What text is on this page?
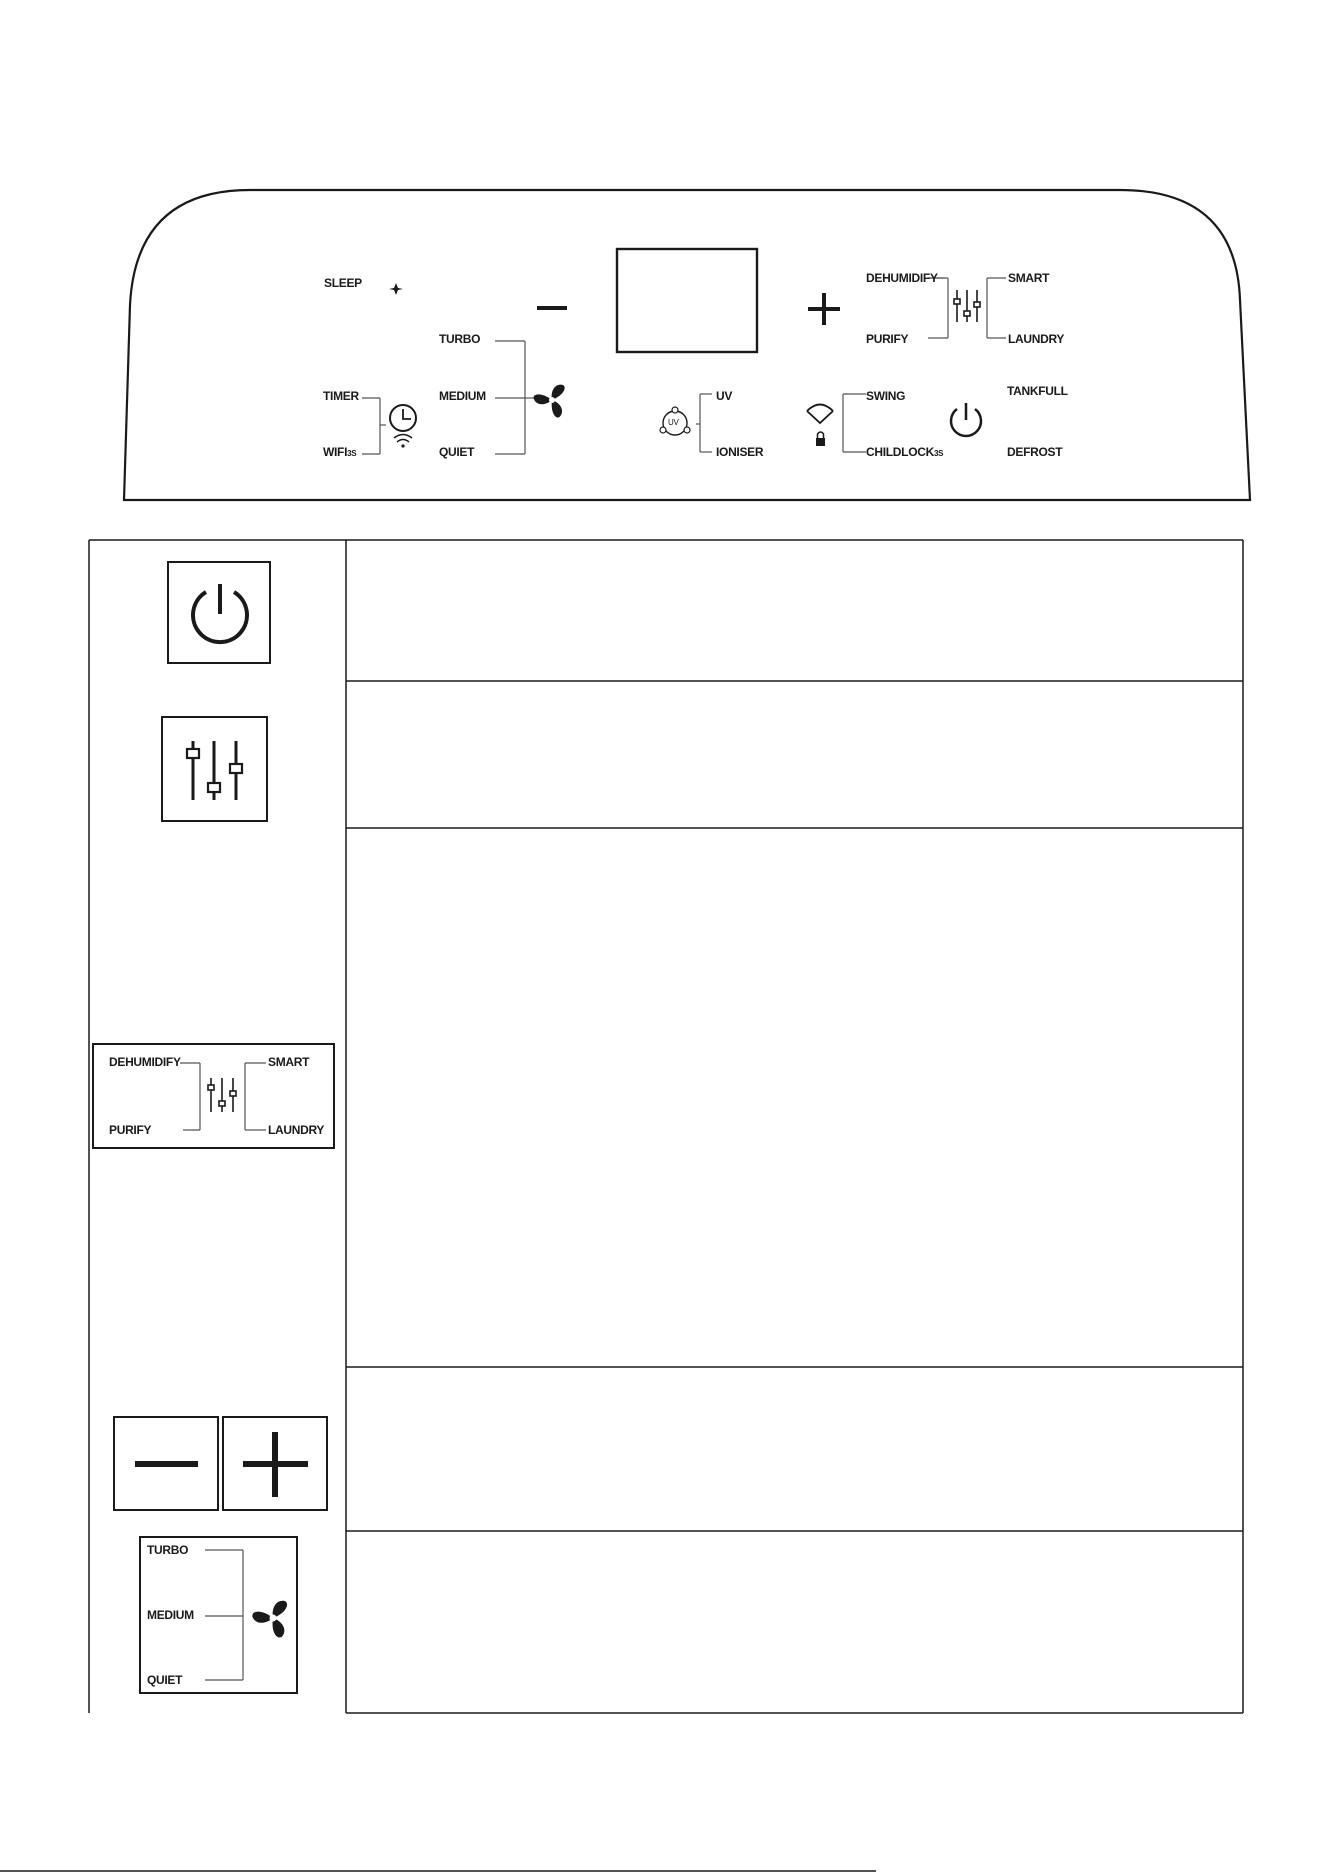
SLEEP
TURBO
MEDIUM
QUIET
TIMER
WIFI3S
UV
UV
IONISER
DEHUMIDIFY
PURIFY
SMART
LAUNDRY
SWING
CHILDLOCK3S
TANKFULL
DEFROST
DEHUMIDIFY
PURIFY
SMART
LAUNDRY
TURBO
MEDIUM
QUIET
